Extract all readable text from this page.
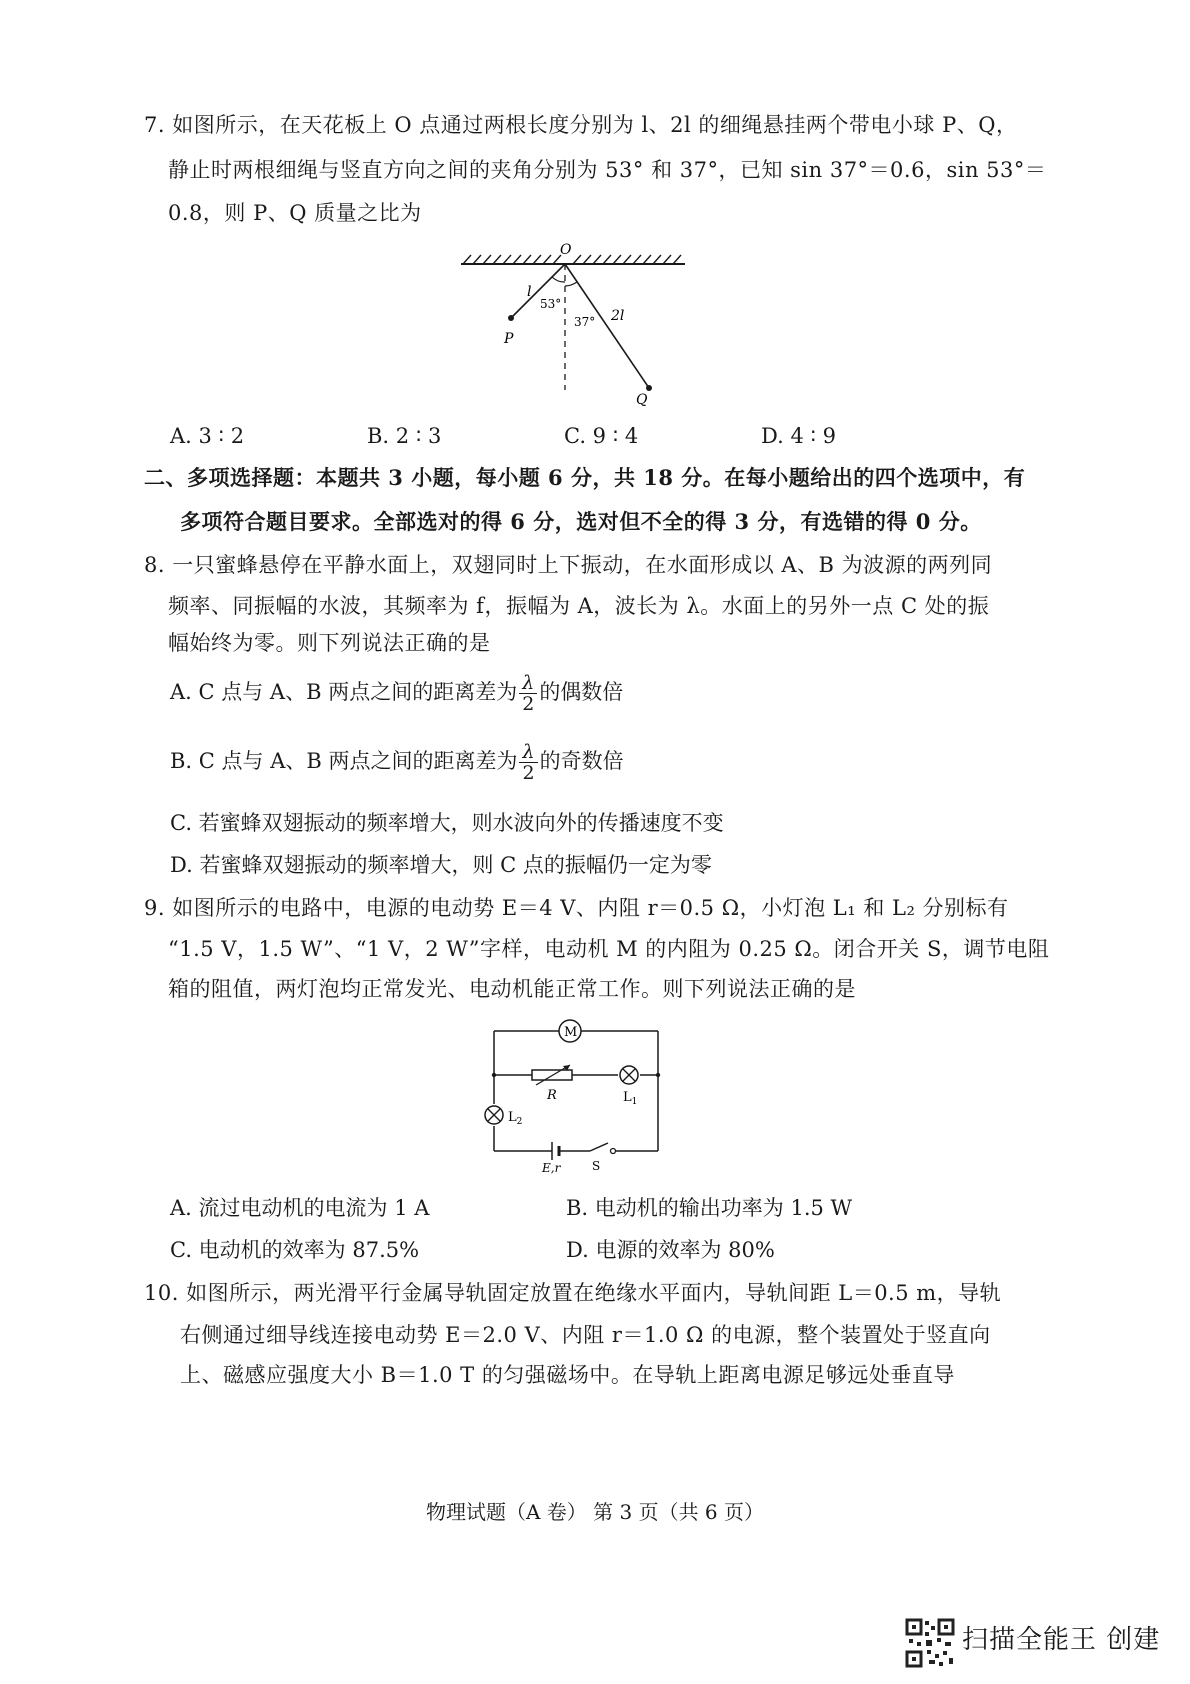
7. 如图所示，在天花板上 O 点通过两根长度分别为 l、2l 的细绳悬挂两个带电小球 P、Q，
静止时两根细绳与竖直方向之间的夹角分别为 53° 和 37°，已知 sin 37°＝0.6，sin 53°＝
0.8，则 P、Q 质量之比为
O
l
2l
53°
37°
P
Q
A. 3 ∶ 2	B. 2 ∶ 3	C. 9 ∶ 4	D. 4 ∶ 9
二、多项选择题：本题共 3 小题，每小题 6 分，共 18 分。在每小题给出的四个选项中，有
多项符合题目要求。全部选对的得 6 分，选对但不全的得 3 分，有选错的得 0 分。
8. 一只蜜蜂悬停在平静水面上，双翅同时上下振动，在水面形成以 A、B 为波源的两列同
频率、同振幅的水波，其频率为 f，振幅为 A，波长为 λ。水面上的另外一点 C 处的振
幅始终为零。则下列说法正确的是
A. C 点与 A、B 两点之间的距离差为 $\frac{\lambda}{2}$ 的偶数倍
B. C 点与 A、B 两点之间的距离差为 $\frac{\lambda}{2}$ 的奇数倍
C. 若蜜蜂双翅振动的频率增大，则水波向外的传播速度不变
D. 若蜜蜂双翅振动的频率增大，则 C 点的振幅仍一定为零
9. 如图所示的电路中，电源的电动势 E＝4 V、内阻 r＝0.5 Ω，小灯泡 L₁ 和 L₂ 分别标有
“1.5 V，1.5 W”、“1 V，2 W”字样，电动机 M 的内阻为 0.25 Ω。闭合开关 S，调节电阻
箱的阻值，两灯泡均正常发光、电动机能正常工作。则下列说法正确的是
M
R	$L_1$
$L_2$
E,r	S
A. 流过电动机的电流为 1 A	B. 电动机的输出功率为 1.5 W
C. 电动机的效率为 87.5%	D. 电源的效率为 80%
10. 如图所示，两光滑平行金属导轨固定放置在绝缘水平面内，导轨间距 L＝0.5 m，导轨
右侧通过细导线连接电动势 E＝2.0 V、内阻 r＝1.0 Ω 的电源，整个装置处于竖直向
上、磁感应强度大小 B＝1.0 T 的匀强磁场中。在导轨上距离电源足够远处垂直导
物理试题（A 卷） 第 3 页（共 6 页）
扫描全能王 创建
